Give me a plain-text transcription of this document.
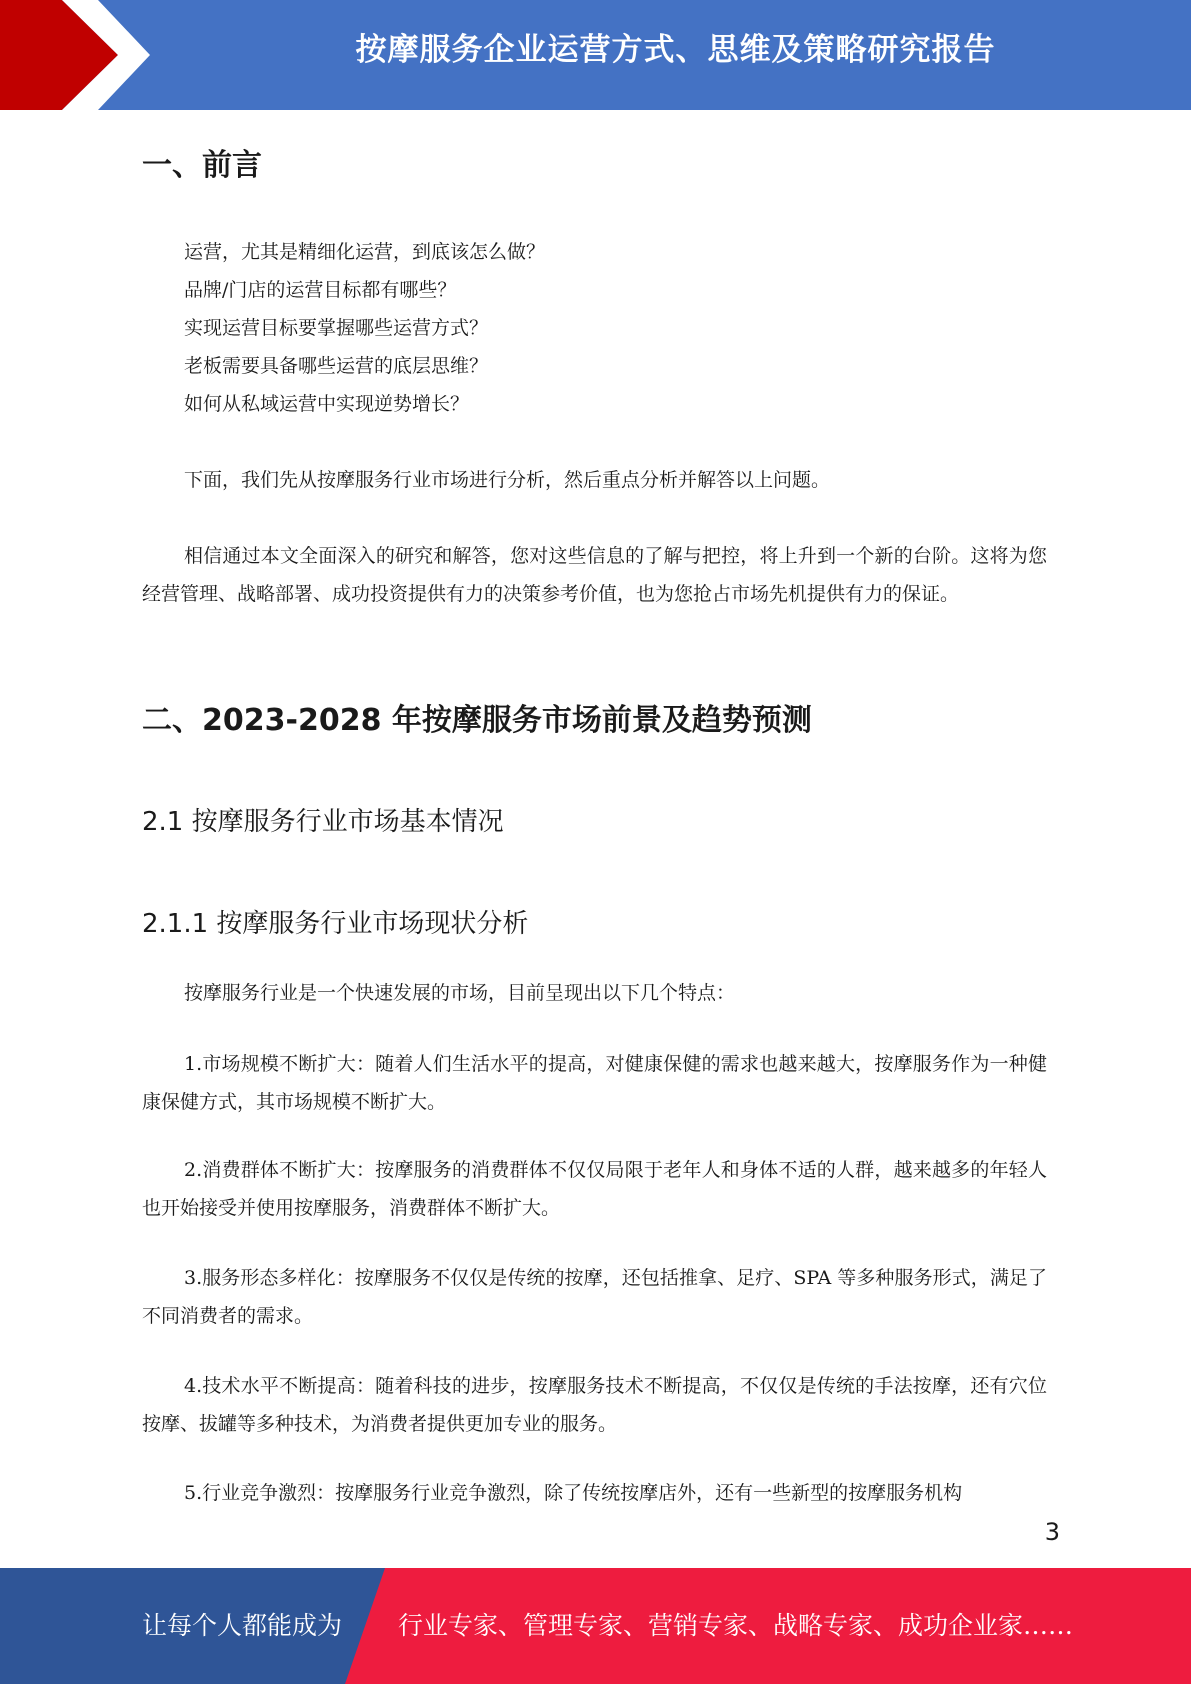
按摩服务企业运营方式、思维及策略研究报告
一、前言
运营，尤其是精细化运营，到底该怎么做？
品牌/门店的运营目标都有哪些？
实现运营目标要掌握哪些运营方式？
老板需要具备哪些运营的底层思维？
如何从私域运营中实现逆势增长？

下面，我们先从按摩服务行业市场进行分析，然后重点分析并解答以上问题。

相信通过本文全面深入的研究和解答，您对这些信息的了解与把控，将上升到一个新的台阶。这将为您经营管理、战略部署、成功投资提供有力的决策参考价值，也为您抢占市场先机提供有力的保证。

二、2023-2028 年按摩服务市场前景及趋势预测
2.1 按摩服务行业市场基本情况
2.1.1 按摩服务行业市场现状分析

按摩服务行业是一个快速发展的市场，目前呈现出以下几个特点：

1.市场规模不断扩大：随着人们生活水平的提高，对健康保健的需求也越来越大，按摩服务作为一种健康保健方式，其市场规模不断扩大。

2.消费群体不断扩大：按摩服务的消费群体不仅仅局限于老年人和身体不适的人群，越来越多的年轻人也开始接受并使用按摩服务，消费群体不断扩大。

3.服务形态多样化：按摩服务不仅仅是传统的按摩，还包括推拿、足疗、SPA 等多种服务形式，满足了不同消费者的需求。

4.技术水平不断提高：随着科技的进步，按摩服务技术不断提高，不仅仅是传统的手法按摩，还有穴位按摩、拔罐等多种技术，为消费者提供更加专业的服务。

5.行业竞争激烈：按摩服务行业竞争激烈，除了传统按摩店外，还有一些新型的按摩服务机构

3
让每个人都能成为 行业专家、管理专家、营销专家、战略专家、成功企业家……
